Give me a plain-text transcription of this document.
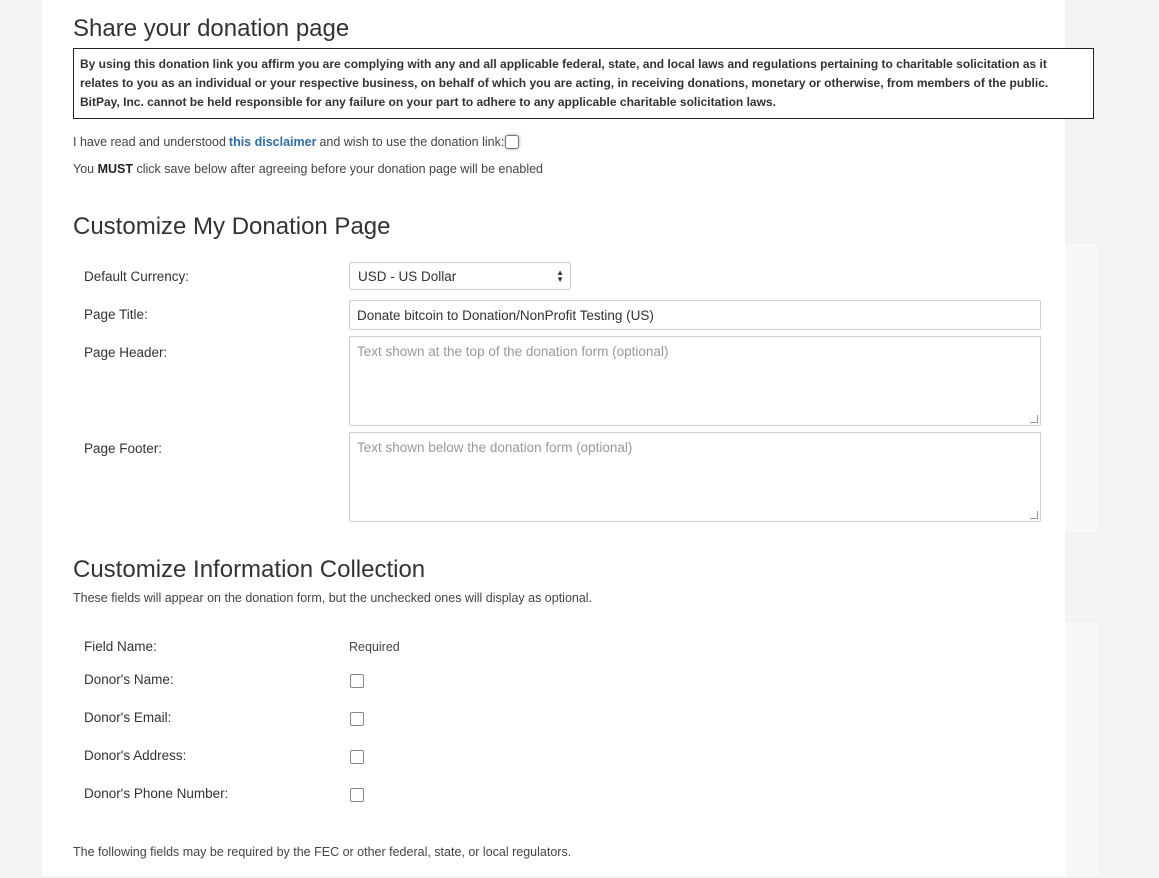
Share your donation page
By using this donation link you affirm you are complying with any and all applicable federal, state, and local laws and regulations pertaining to charitable solicitation as it relates to you as an individual or your respective business, on behalf of which you are acting, in receiving donations, monetary or otherwise, from members of the public. BitPay, Inc. cannot be held responsible for any failure on your part to adhere to any applicable charitable solicitation laws.
I have read and understood this disclaimer and wish to use the donation link:
You MUST click save below after agreeing before your donation page will be enabled
Customize My Donation Page
Default Currency:	USD - US Dollar	▲
▼
Page Title:	Donate bitcoin to Donation/NonProfit Testing (US)
Page Header:	Text shown at the top of the donation form (optional)
Page Footer:	Text shown below the donation form (optional)
Customize Information Collection
These fields will appear on the donation form, but the unchecked ones will display as optional.
Field Name:	Required
Donor's Name:
Donor's Email:
Donor's Address:
Donor's Phone Number:
The following fields may be required by the FEC or other federal, state, or local regulators.
